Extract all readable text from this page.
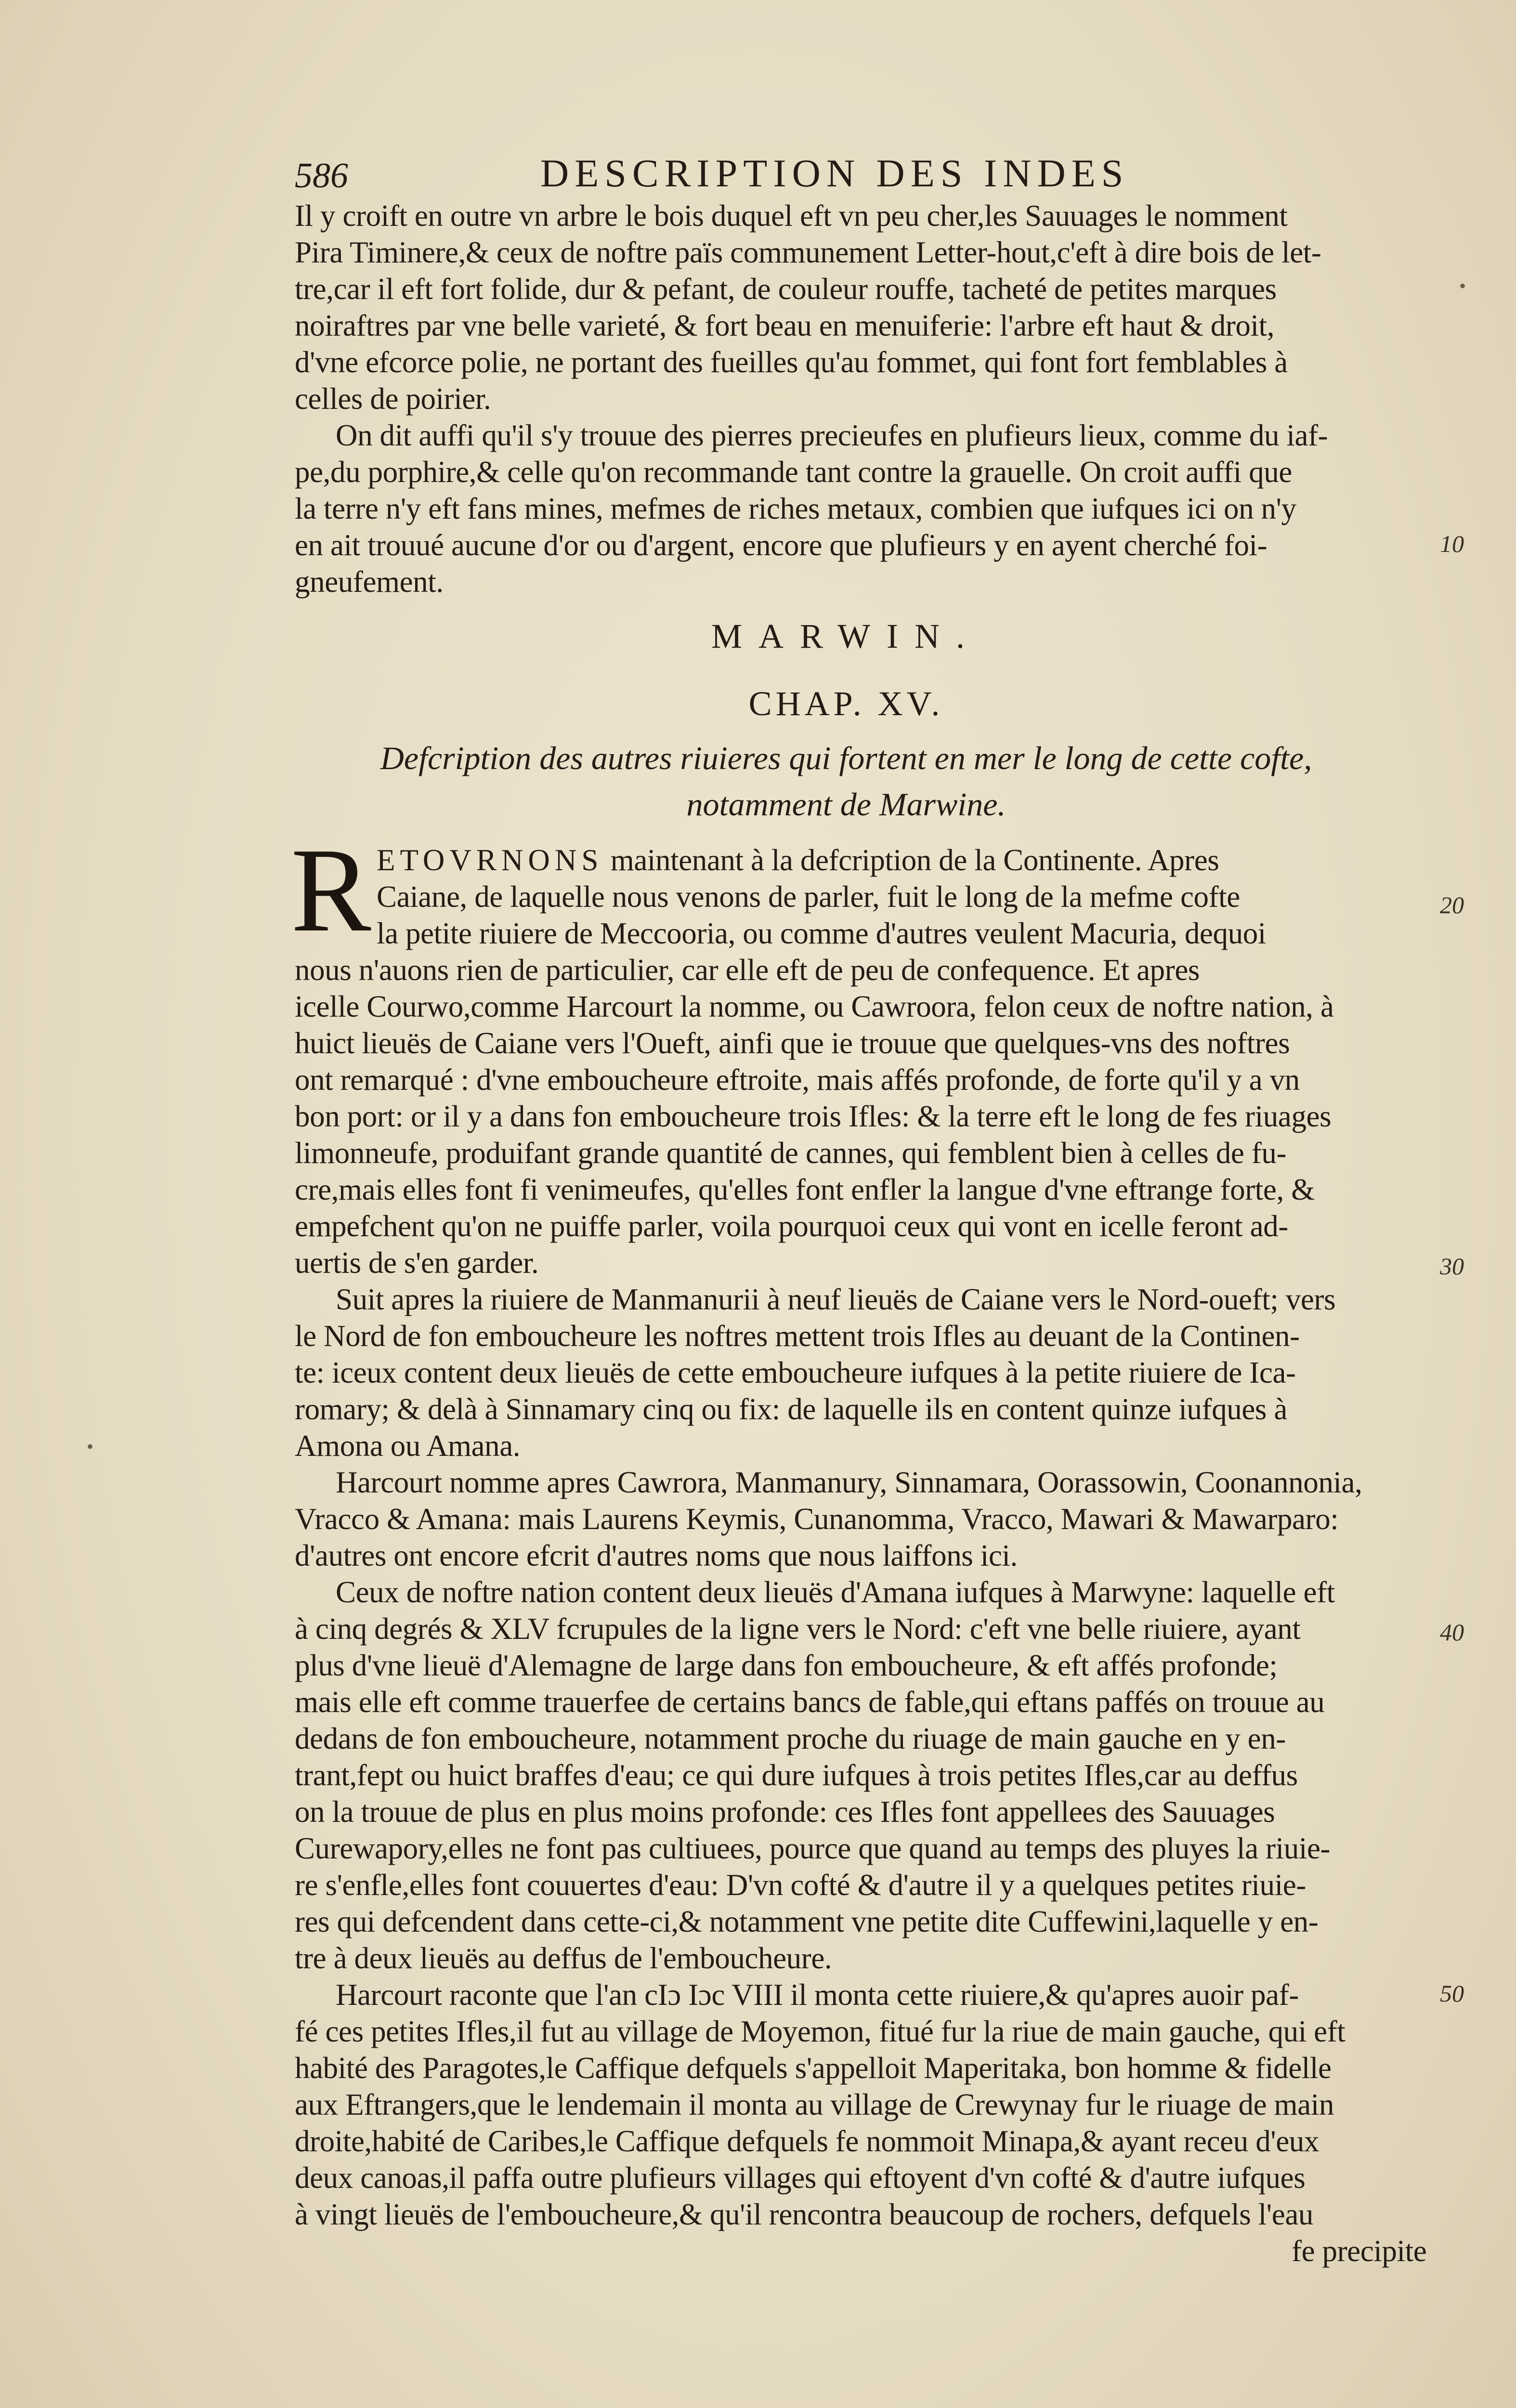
586	DESCRIPTION DES INDES
Il y croift en outre vn arbre le bois duquel eft vn peu cher,les Sauuages le nomment
Pira Timinere,& ceux de noftre païs communement Letter-hout,c'eft à dire bois de let-
tre,car il eft fort folide, dur & pefant, de couleur rouffe, tacheté de petites marques
noiraftres par vne belle varieté, & fort beau en menuiferie: l'arbre eft haut & droit,
d'vne efcorce polie, ne portant des fueilles qu'au fommet, qui font fort femblables à
celles de poirier.
On dit auffi qu'il s'y trouue des pierres precieufes en plufieurs lieux, comme du iaf-
pe,du porphire,& celle qu'on recommande tant contre la grauelle. On croit auffi que
la terre n'y eft fans mines, mefmes de riches metaux, combien que iufques ici on n'y
en ait trouué aucune d'or ou d'argent, encore que plufieurs y en ayent cherché foi-
gneufement.
MARWIN.
CHAP. XV.
Defcription des autres riuieres qui fortent en mer le long de cette cofte,
notamment de Marwine.
R ETOVRNONS maintenant à la defcription de la Continente. Apres
Caiane, de laquelle nous venons de parler, fuit le long de la mefme cofte
la petite riuiere de Meccooria, ou comme d'autres veulent Macuria, dequoi
nous n'auons rien de particulier, car elle eft de peu de confequence. Et apres
icelle Courwo,comme Harcourt la nomme, ou Cawroora, felon ceux de noftre nation, à
huict lieuës de Caiane vers l'Oueft, ainfi que ie trouue que quelques-vns des noftres
ont remarqué : d'vne emboucheure eftroite, mais affés profonde, de forte qu'il y a vn
bon port: or il y a dans fon emboucheure trois Ifles: & la terre eft le long de fes riuages
limonneufe, produifant grande quantité de cannes, qui femblent bien à celles de fu-
cre,mais elles font fi venimeufes, qu'elles font enfler la langue d'vne eftrange forte, &
empefchent qu'on ne puiffe parler, voila pourquoi ceux qui vont en icelle feront ad-
uertis de s'en garder.
Suit apres la riuiere de Manmanurii à neuf lieuës de Caiane vers le Nord-oueft; vers
le Nord de fon emboucheure les noftres mettent trois Ifles au deuant de la Continen-
te: iceux content deux lieuës de cette emboucheure iufques à la petite riuiere de Ica-
romary; & delà à Sinnamary cinq ou fix: de laquelle ils en content quinze iufques à
Amona ou Amana.
Harcourt nomme apres Cawrora, Manmanury, Sinnamara, Oorassowin, Coonannonia,
Vracco & Amana: mais Laurens Keymis, Cunanomma, Vracco, Mawari & Mawarparo:
d'autres ont encore efcrit d'autres noms que nous laiffons ici.
Ceux de noftre nation content deux lieuës d'Amana iufques à Marwyne: laquelle eft
à cinq degrés & XLV fcrupules de la ligne vers le Nord: c'eft vne belle riuiere, ayant
plus d'vne lieuë d'Alemagne de large dans fon emboucheure, & eft affés profonde;
mais elle eft comme trauerfee de certains bancs de fable,qui eftans paffés on trouue au
dedans de fon emboucheure, notamment proche du riuage de main gauche en y en-
trant,fept ou huict braffes d'eau; ce qui dure iufques à trois petites Ifles,car au deffus
on la trouue de plus en plus moins profonde: ces Ifles font appellees des Sauuages
Curewapory,elles ne font pas cultiuees, pource que quand au temps des pluyes la riuie-
re s'enfle,elles font couuertes d'eau: D'vn cofté & d'autre il y a quelques petites riuie-
res qui defcendent dans cette-ci,& notamment vne petite dite Cuffewini,laquelle y en-
tre à deux lieuës au deffus de l'emboucheure.
Harcourt raconte que l'an cIɔ Iɔc VIII il monta cette riuiere,& qu'apres auoir paf-
fé ces petites Ifles,il fut au village de Moyemon, fitué fur la riue de main gauche, qui eft
habité des Paragotes,le Caffique defquels s'appelloit Maperitaka, bon homme & fidelle
aux Eftrangers,que le lendemain il monta au village de Crewynay fur le riuage de main
droite,habité de Caribes,le Caffique defquels fe nommoit Minapa,& ayant receu d'eux
deux canoas,il paffa outre plufieurs villages qui eftoyent d'vn cofté & d'autre iufques
à vingt lieuës de l'emboucheure,& qu'il rencontra beaucoup de rochers, defquels l'eau
fe precipite
10
20
30
40
50
•
•
